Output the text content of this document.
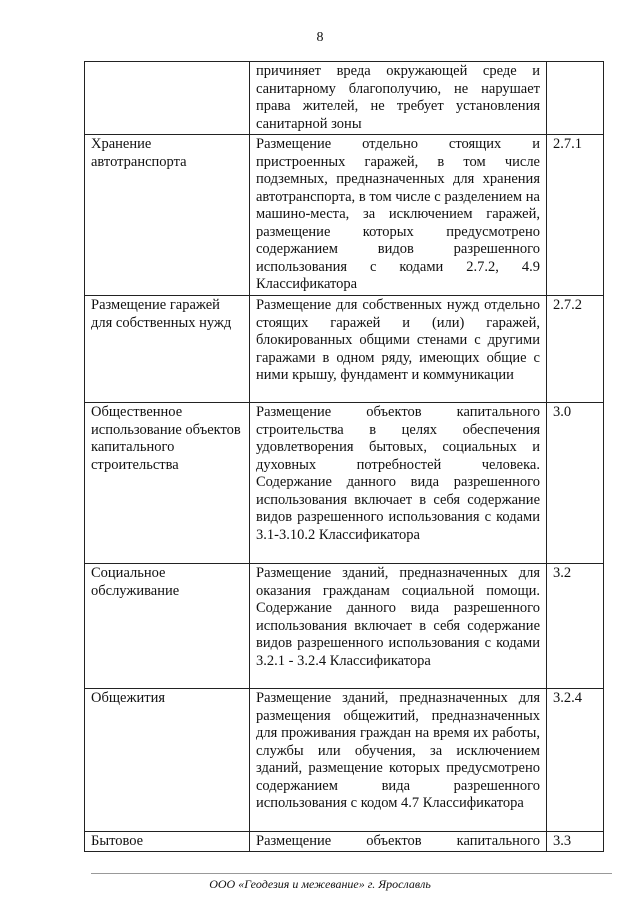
8
	причиняет вреда окружающей среде и санитарному благополучию, не нарушает права жителей, не требует установления санитарной зоны	
Хранение автотранспорта	Размещение отдельно стоящих и пристроенных гаражей, в том числе подземных, предназначенных для хранения автотранспорта, в том числе с разделением на машино-места, за исключением гаражей, размещение которых предусмотрено содержанием видов разрешенного использования с кодами 2.7.2, 4.9 Классификатора	2.7.1
Размещение гаражей для собственных нужд	Размещение для собственных нужд отдельно стоящих гаражей и (или) гаражей, блокированных общими стенами с другими гаражами в одном ряду, имеющих общие с ними крышу, фундамент и коммуникации	2.7.2
Общественное использование объектов капитального строительства	Размещение объектов капитального строительства в целях обеспечения удовлетворения бытовых, социальных и духовных потребностей человека. Содержание данного вида разрешенного использования включает в себя содержание видов разрешенного использования с кодами 3.1-3.10.2 Классификатора	3.0
Социальное обслуживание	Размещение зданий, предназначенных для оказания гражданам социальной помощи. Содержание данного вида разрешенного использования включает в себя содержание видов разрешенного использования с кодами 3.2.1 - 3.2.4 Классификатора	3.2
Общежития	Размещение зданий, предназначенных для размещения общежитий, предназначенных для проживания граждан на время их работы, службы или обучения, за исключением зданий, размещение которых предусмотрено содержанием вида разрешенного использования с кодом 4.7 Классификатора	3.2.4
Бытовое	Размещение объектов капитального	3.3
ООО «Геодезия и межевание» г. Ярославль
